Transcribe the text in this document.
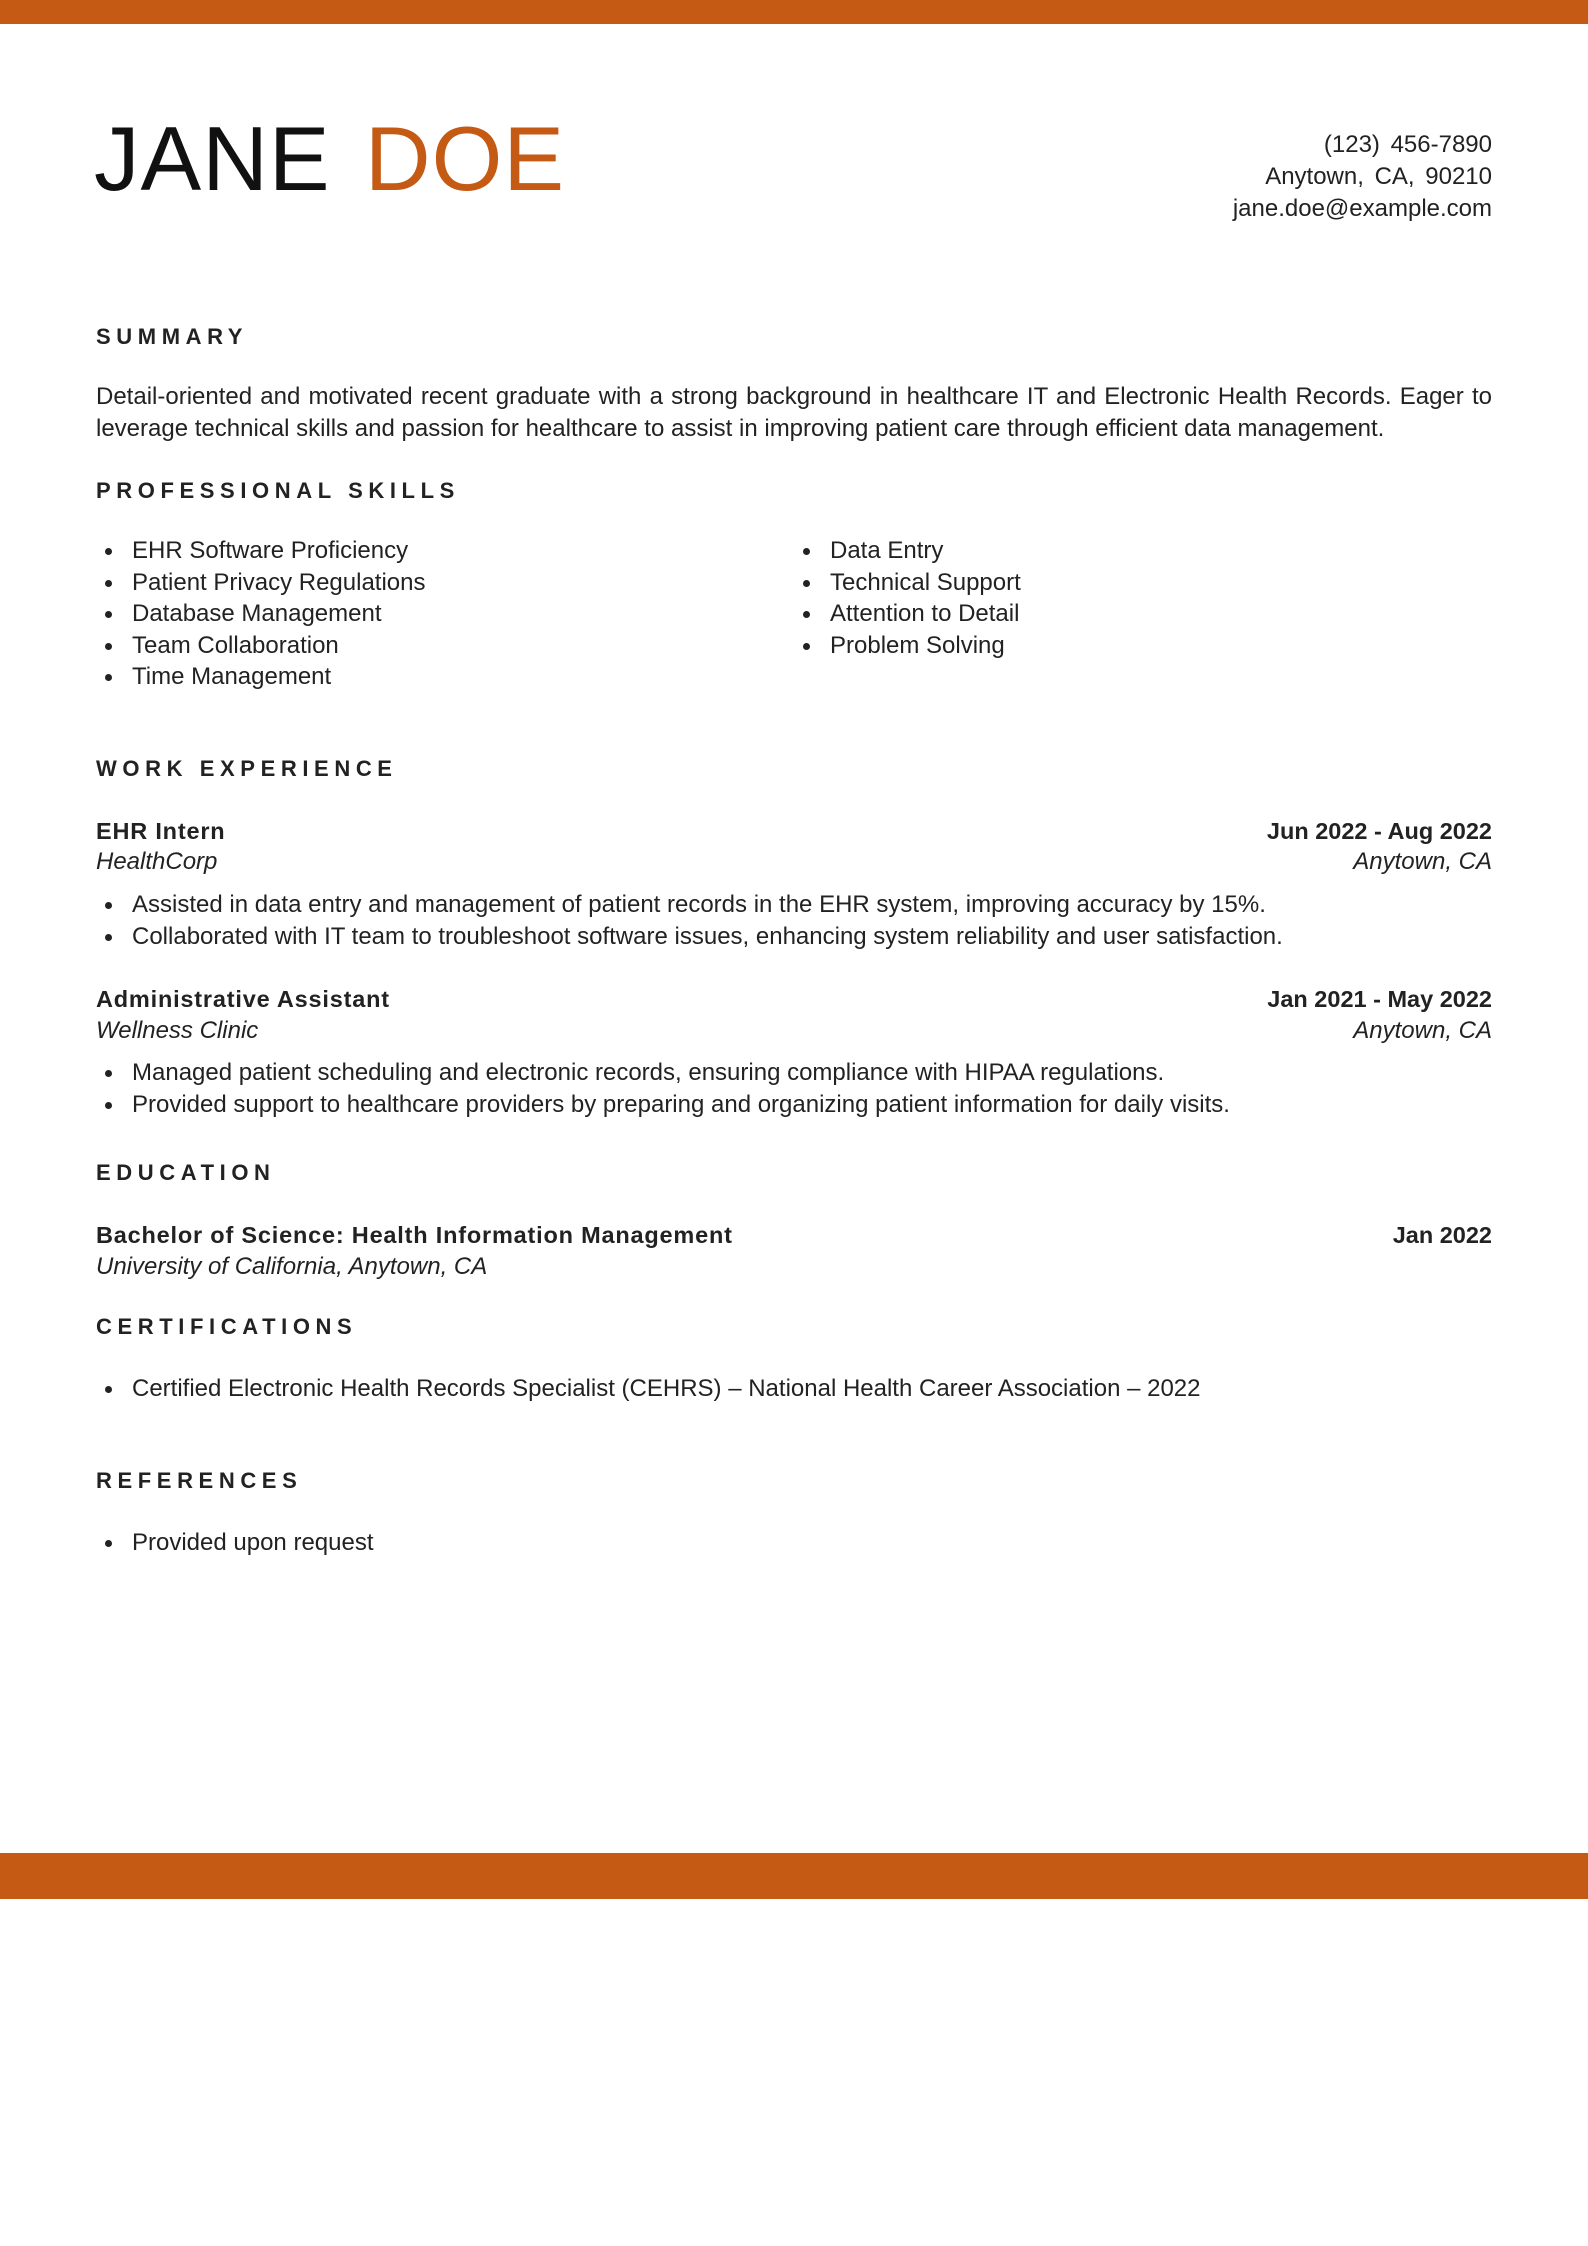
JANE DOE	(123) 456-7890
Anytown, CA, 90210
jane.doe@example.com
SUMMARY
Detail-oriented and motivated recent graduate with a strong background in healthcare IT and Electronic Health Records. Eager to leverage technical skills and passion for healthcare to assist in improving patient care through efficient data management.
PROFESSIONAL SKILLS
EHR Software Proficiency
Patient Privacy Regulations
Database Management
Team Collaboration
Time Management
Data Entry
Technical Support
Attention to Detail
Problem Solving
WORK EXPERIENCE
EHR Intern	Jun 2022 - Aug 2022
HealthCorp	Anytown, CA
Assisted in data entry and management of patient records in the EHR system, improving accuracy by 15%.
Collaborated with IT team to troubleshoot software issues, enhancing system reliability and user satisfaction.
Administrative Assistant	Jan 2021 - May 2022
Wellness Clinic	Anytown, CA
Managed patient scheduling and electronic records, ensuring compliance with HIPAA regulations.
Provided support to healthcare providers by preparing and organizing patient information for daily visits.
EDUCATION
Bachelor of Science: Health Information Management	Jan 2022
University of California, Anytown, CA
CERTIFICATIONS
Certified Electronic Health Records Specialist (CEHRS) – National Health Career Association – 2022
REFERENCES
Provided upon request
